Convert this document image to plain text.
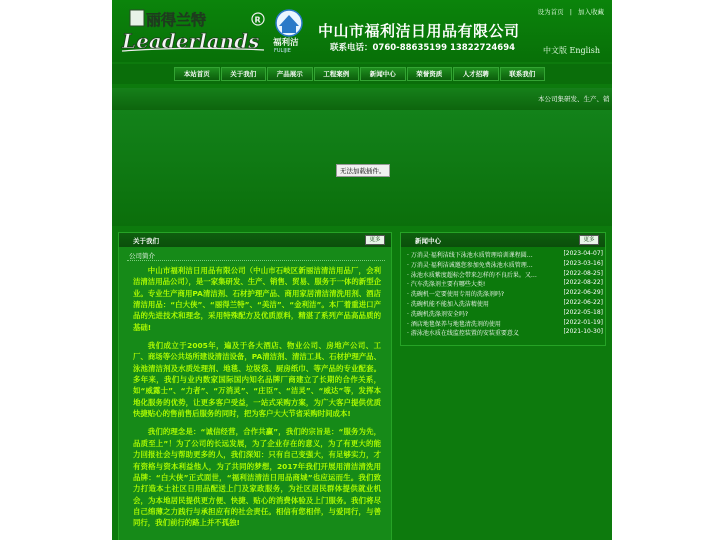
丽得兰特	R
Leaderlands 福利洁
FULIJIE
中山市福利洁日用品有限公司
联系电话：0760-88635199 13822724694
设为首页 | 加入收藏
中文版 English
本站首页	关于我们	产品展示	工程案例	新闻中心	荣誉资质	人才招聘	联系我们
本公司集研发、生产、销
无法加载插件。
关于我们	更多
公司简介

中山市福利洁日用品有限公司（中山市石岐区新丽洁清洁用品厂，会利洁清洁用品公司），是一家集研发、生产、销售、贸易、服务于一体的新型企业。专业生产商用PA清洁剂、石材护理产品、商用家居清洁清洗用剂、酒店清洁用品：“白大侠”、“丽得兰特”、“美洁”、“金利洁”。本厂着重进口产品的先进技术和理念，采用特殊配方及优质原料，精湛了系列产品高品质的基础!

我们成立于2005年，遍及于各大酒店、物业公司、房地产公司、工厂、商场等公共场所建设清洁设备，PA清洁剂、清洁工具、石材护理产品、泳池清洁剂及水质处理剂、地毯、垃圾袋、厨房纸巾、等产品的专业配套。多年来，我们与业内数家国际国内知名品牌厂商建立了长期的合作关系，如“威露士”、“力者”、“万消灵”、“庄臣”、“洁灵”、“威达”等，发挥本地化服务的优势，让更多客户受益，一站式采购方案，为广大客户提供优质快捷贴心的售前售后服务的同时，把为客户大大节省采购时间成本!

我们的理念是：“诚信经营，合作共赢”，我们的宗旨是：“服务为先，品质至上”！为了公司的长远发展，为了企业存在的意义，为了有更大的能力回报社会与帮助更多的人，我们深知：只有自己变强大，有足够实力，才有资格与资本利益他人，为了共同的梦想，2017年我们开展用清洁清洗用品牌：“白大侠”正式面世，“福利洁清洁日用品商城”也应运而生。我们致力打造本土社区日用品配送上门及家政服务，为社区居民群体提供就业机会，为本地居民提供更方便、快捷、贴心的消费体验及上门服务。我们将尽自己绵薄之力践行与承担应有的社会责任。相信有您相伴，与爱同行，与善同行，我们前行的路上并不孤独!

新闻中心	更多
· 万消灵·福利洁线下泳池水质管理培训课程圆…	[2023-04-07]
· 万消灵·福利洁诚邀您参加免费泳池水质管理…	[2023-03-16]
· 泳池水质紫度超标会带来怎样的不良后果。又…	[2022-08-25]
· 汽车洗涤剂主要有哪些大类!	[2022-08-22]
· 洗碗机一定要使用专用的洗涤剂吗?	[2022-06-29]
· 洗碗机能不能加入洗洁精使用	[2022-06-22]
· 洗碗机洗涤剂安全吗?	[2022-05-18]
· 酒店地毯保养与地毯清洗剂的使用	[2022-01-19]
· 游泳池水质在线监控装置的安装重要意义	[2021-10-30]
